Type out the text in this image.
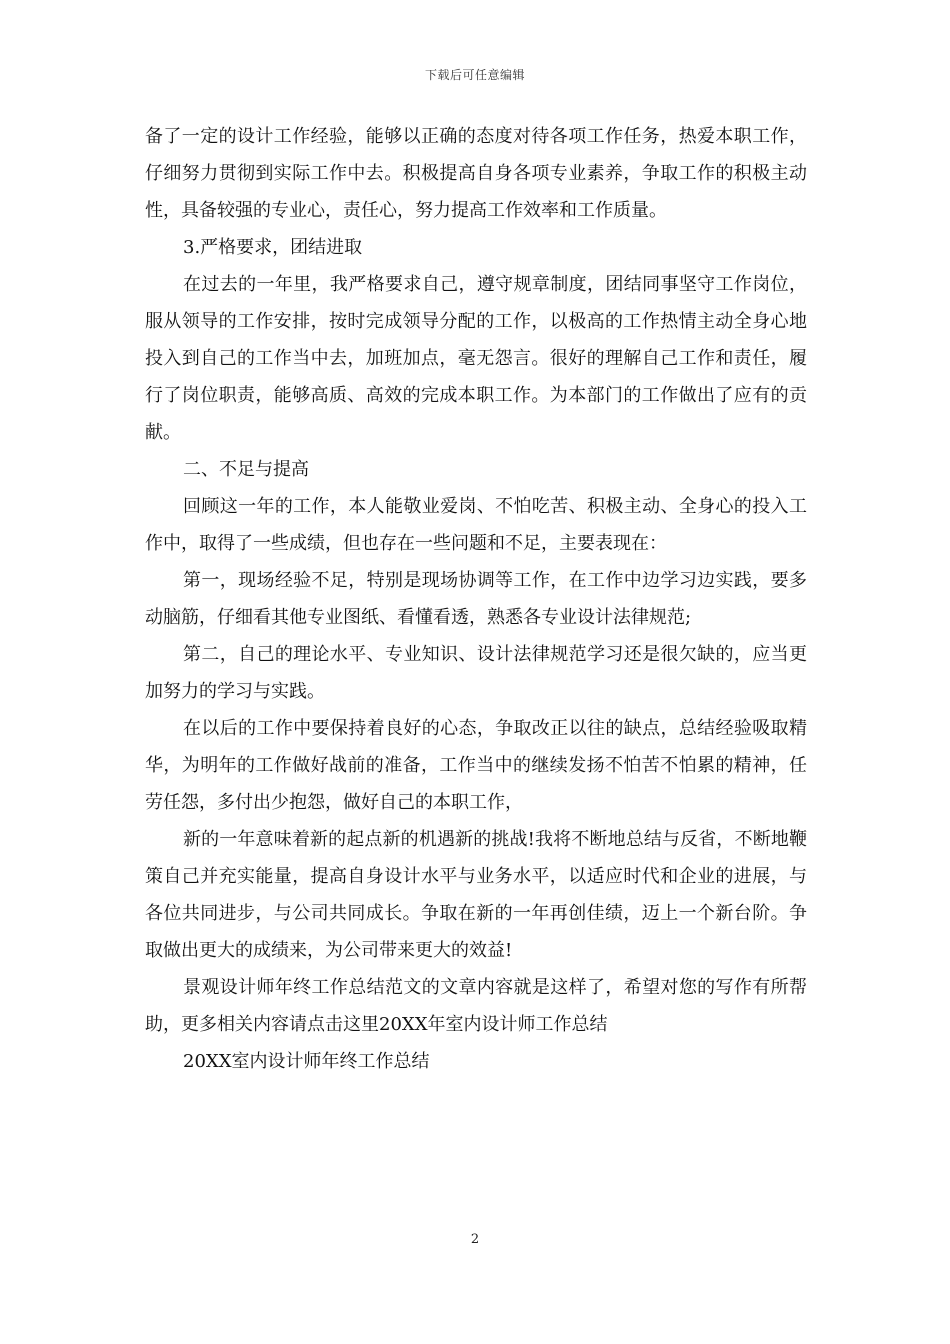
下载后可任意编辑

备了一定的设计工作经验，能够以正确的态度对待各项工作任务，热爱本职工作，仔细努力贯彻到实际工作中去。积极提高自身各项专业素养，争取工作的积极主动性，具备较强的专业心，责任心，努力提高工作效率和工作质量。

3.严格要求，团结进取

在过去的一年里，我严格要求自己，遵守规章制度，团结同事坚守工作岗位，服从领导的工作安排，按时完成领导分配的工作，以极高的工作热情主动全身心地投入到自己的工作当中去，加班加点，毫无怨言。很好的理解自己工作和责任，履行了岗位职责，能够高质、高效的完成本职工作。为本部门的工作做出了应有的贡献。

二、不足与提高

回顾这一年的工作，本人能敬业爱岗、不怕吃苦、积极主动、全身心的投入工作中，取得了一些成绩，但也存在一些问题和不足，主要表现在：

第一，现场经验不足，特别是现场协调等工作，在工作中边学习边实践，要多动脑筋，仔细看其他专业图纸、看懂看透，熟悉各专业设计法律规范;

第二，自己的理论水平、专业知识、设计法律规范学习还是很欠缺的，应当更加努力的学习与实践。

在以后的工作中要保持着良好的心态，争取改正以往的缺点，总结经验吸取精华，为明年的工作做好战前的准备，工作当中的继续发扬不怕苦不怕累的精神，任劳任怨，多付出少抱怨，做好自己的本职工作，

新的一年意味着新的起点新的机遇新的挑战!我将不断地总结与反省，不断地鞭策自己并充实能量，提高自身设计水平与业务水平，以适应时代和企业的进展，与各位共同进步，与公司共同成长。争取在新的一年再创佳绩，迈上一个新台阶。争取做出更大的成绩来，为公司带来更大的效益!

景观设计师年终工作总结范文的文章内容就是这样了，希望对您的写作有所帮助，更多相关内容请点击这里20XX年室内设计师工作总结

20XX室内设计师年终工作总结

2
